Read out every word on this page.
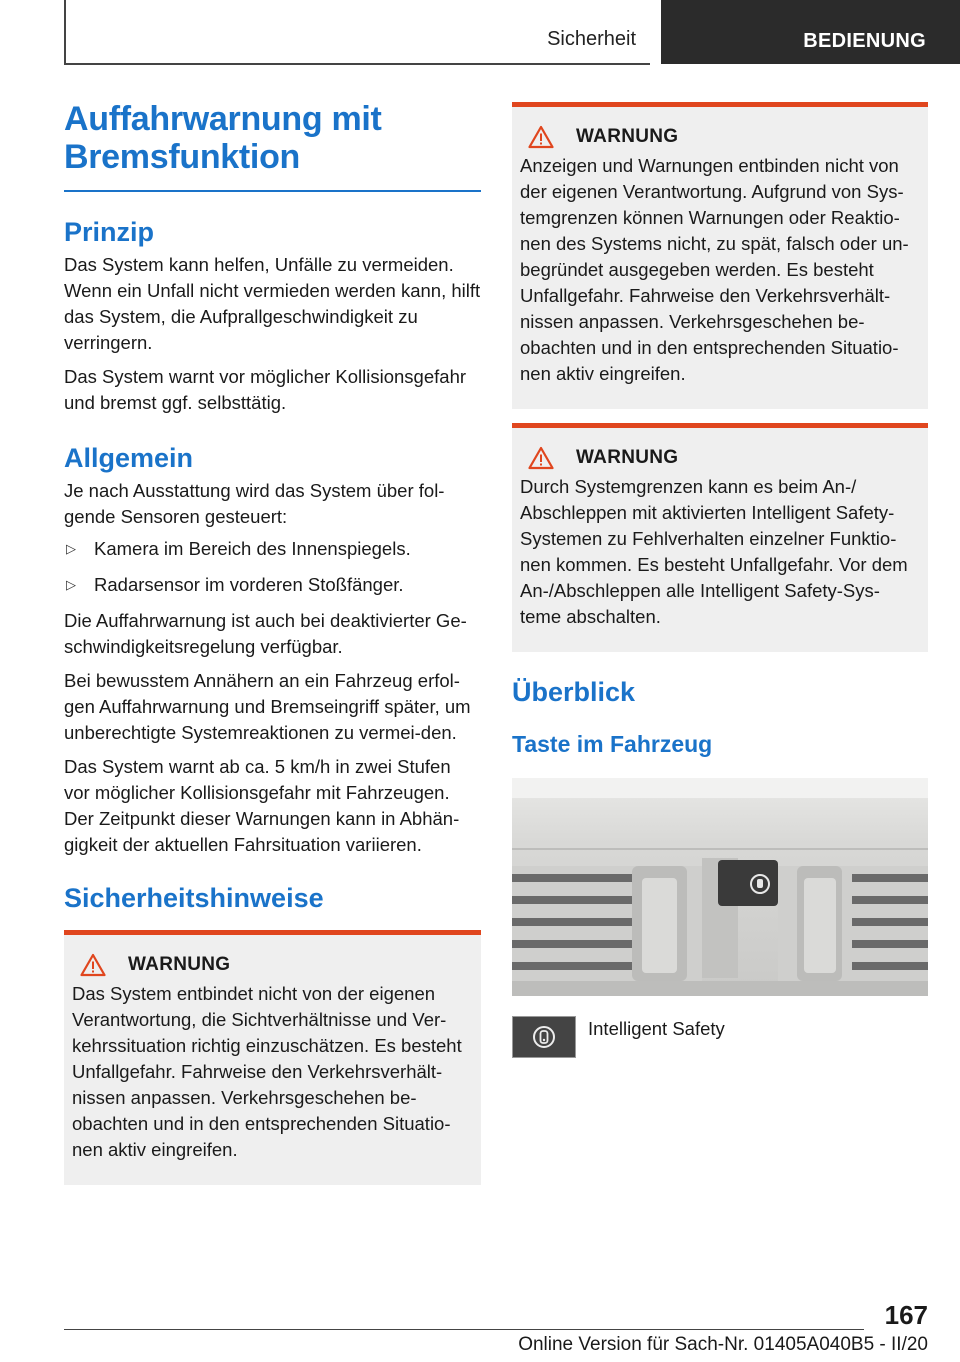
Sicherheit	BEDIENUNG
Auffahrwarnung mit
Bremsfunktion
Prinzip

Das System kann helfen, Unfälle zu vermeiden. Wenn ein Unfall nicht vermieden werden kann, hilft das System, die Aufprallgeschwindigkeit zu verringern.

Das System warnt vor möglicher Kollisionsgefahr und bremst ggf. selbsttätig.

Allgemein

Je nach Ausstattung wird das System über fol-gende Sensoren gesteuert:

▷ Kamera im Bereich des Innenspiegels.
▷ Radarsensor im vorderen Stoßfänger.

Die Auffahrwarnung ist auch bei deaktivierter Ge-schwindigkeitsregelung verfügbar.

Bei bewusstem Annähern an ein Fahrzeug erfol-gen Auffahrwarnung und Bremseingriff später, um unberechtigte Systemreaktionen zu vermei-den.

Das System warnt ab ca. 5 km/h in zwei Stufen vor möglicher Kollisionsgefahr mit Fahrzeugen. Der Zeitpunkt dieser Warnungen kann in Abhän-gigkeit der aktuellen Fahrsituation variieren.

Sicherheitshinweise
WARNUNG

Das System entbindet nicht von der eigenen Verantwortung, die Sichtverhältnisse und Ver-kehrssituation richtig einzuschätzen. Es besteht Unfallgefahr. Fahrweise den Verkehrsverhält-nissen anpassen. Verkehrsgeschehen be-obachten und in den entsprechenden Situatio-nen aktiv eingreifen.

WARNUNG

Anzeigen und Warnungen entbinden nicht von der eigenen Verantwortung. Aufgrund von Sys-temgrenzen können Warnungen oder Reaktio-nen des Systems nicht, zu spät, falsch oder un-begründet ausgegeben werden. Es besteht Unfallgefahr. Fahrweise den Verkehrsverhält-nissen anpassen. Verkehrsgeschehen be-obachten und in den entsprechenden Situatio-nen aktiv eingreifen.

WARNUNG

Durch Systemgrenzen kann es beim An-/ Abschleppen mit aktivierten Intelligent Safety-Systemen zu Fehlverhalten einzelner Funktio-nen kommen. Es besteht Unfallgefahr. Vor dem An-/Abschleppen alle Intelligent Safety-Sys-teme abschalten.

Überblick
Taste im Fahrzeug

Intelligent Safety

167
Online Version für Sach-Nr. 01405A040B5 - II/20
